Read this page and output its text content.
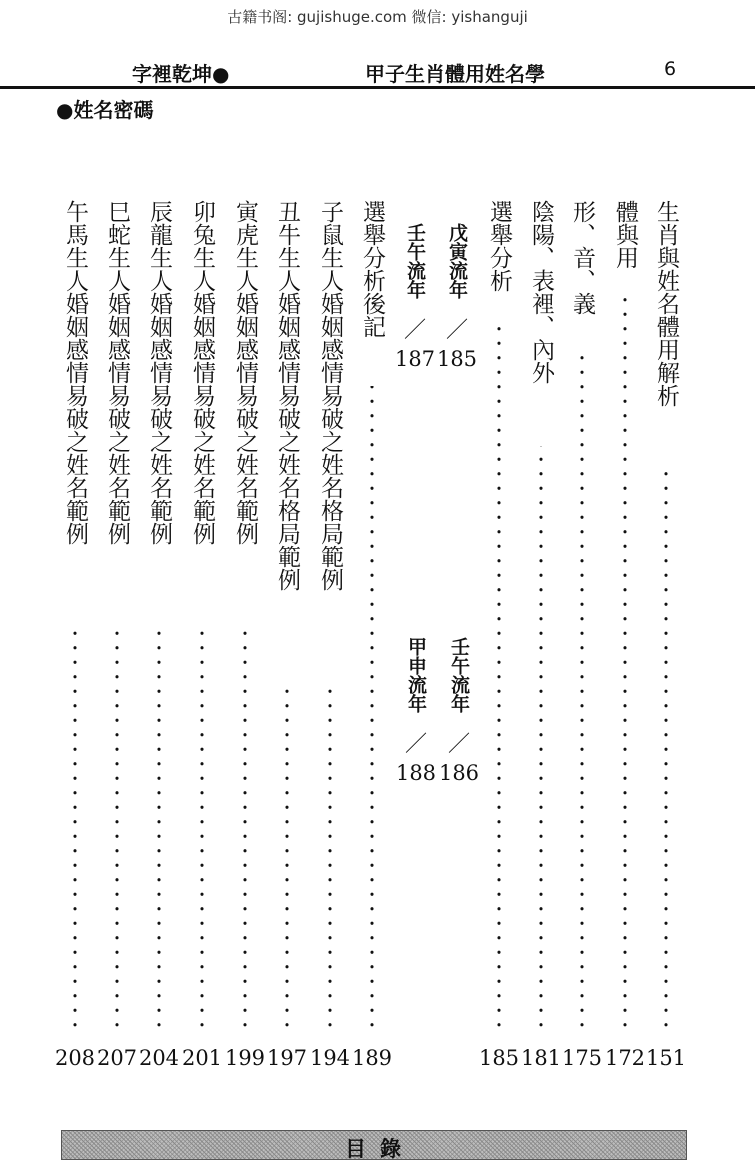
古籍书阁: gujishuge.com 微信: yishanguji
字裡乾坤●	甲子生肖體用姓名學	6
●姓名密碼
生肖與姓名體用解析
151
體與用
172
形、音、義
175
陰陽、表裡、內外
181
選舉分析
185
選舉分析後記
189
子鼠生人婚姻感情易破之姓名格局範例
194
丑牛生人婚姻感情易破之姓名格局範例
197
寅虎生人婚姻感情易破之姓名範例
199
卯兔生人婚姻感情易破之姓名範例
201
辰龍生人婚姻感情易破之姓名範例
204
巳蛇生人婚姻感情易破之姓名範例
207
午馬生人婚姻感情易破之姓名範例
208
戊寅流年
／
185
壬午流年
／
187
壬午流年
／
186
甲申流年
／
188
目錄
